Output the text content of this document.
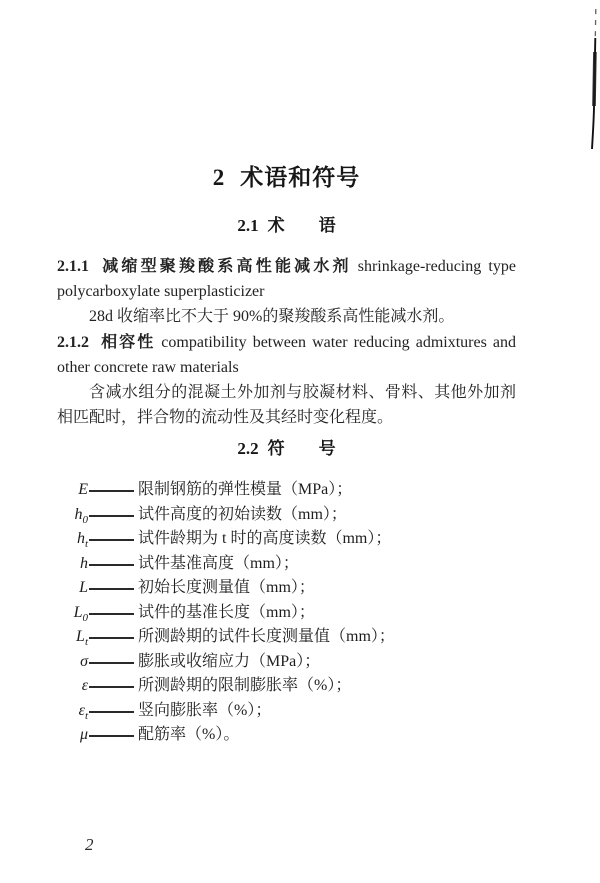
2 术语和符号
2.1 术　　语

2.1.1 减缩型聚羧酸系高性能减水剂 shrinkage-reducing type polycarboxylate superplasticizer

28d 收缩率比不大于 90%的聚羧酸系高性能减水剂。

2.1.2 相容性 compatibility between water reducing admixtures and other concrete raw materials

含减水组分的混凝土外加剂与胶凝材料、骨料、其他外加剂相匹配时，拌合物的流动性及其经时变化程度。

2.2 符　　号
E	限制钢筋的弹性模量（MPa）；
$h_0$	试件高度的初始读数（mm）；
$h_t$	试件龄期为 t 时的高度读数（mm）；
h	试件基准高度（mm）；
L	初始长度测量值（mm）；
$L_0$	试件的基准长度（mm）；
$L_t$	所测龄期的试件长度测量值（mm）；
σ	膨胀或收缩应力（MPa）；
ε	所测龄期的限制膨胀率（%）；
$\varepsilon_t$	竖向膨胀率（%）；
μ	配筋率（%）。
2
